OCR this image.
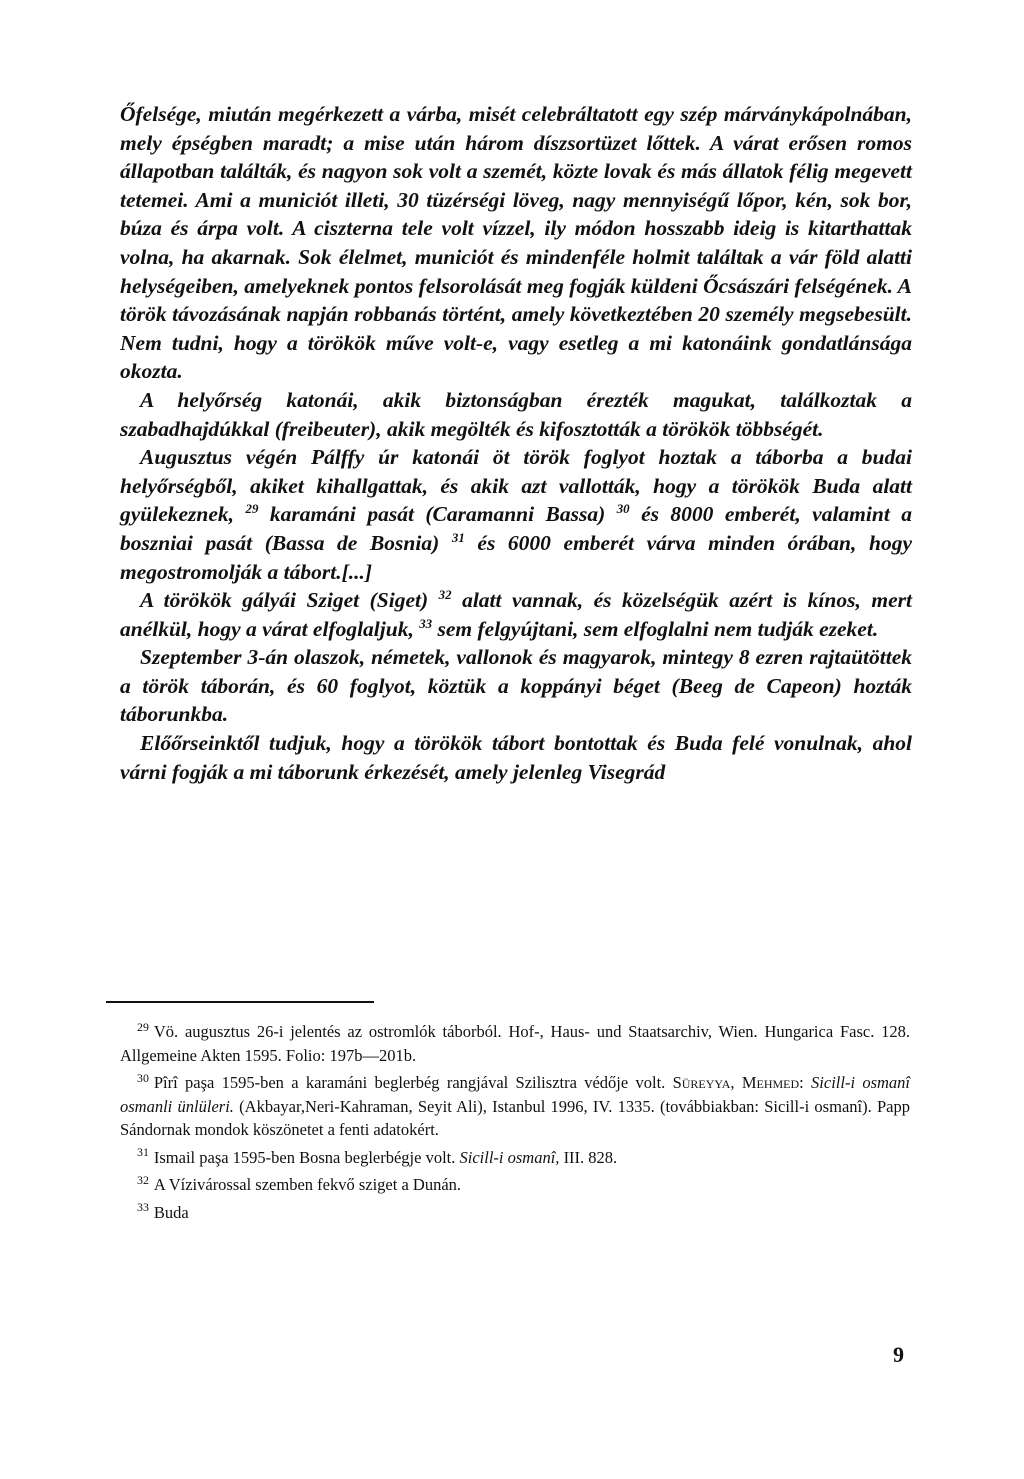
Őfelsége, miután megérkezett a várba, misét celebráltatott egy szép márványkápolnában, mely épségben maradt; a mise után három díszsortüzet lőttek. A várat erősen romos állapotban találták, és nagyon sok volt a szemét, közte lovak és más állatok félig megevett tetemei. Ami a municiót illeti, 30 tüzérségi löveg, nagy mennyiségű lőpor, kén, sok bor, búza és árpa volt. A ciszterna tele volt vízzel, ily módon hosszabb ideig is kitarthattak volna, ha akarnak. Sok élelmet, municiót és mindenféle holmit találtak a vár föld alatti helységeiben, amelyeknek pontos felsorolását meg fogják küldeni Őcsászári felségének. A török távozásának napján robbanás történt, amely következtében 20 személy megsebesült. Nem tudni, hogy a törökök műve volt-e, vagy esetleg a mi katonáink gondatlánsága okozta.

A helyőrség katonái, akik biztonságban érezték magukat, találkoztak a szabadhajdúkkal (freibeuter), akik megölték és kifosztották a törökök többségét.

Augusztus végén Pálffy úr katonái öt török foglyot hoztak a táborba a budai helyőrségből, akiket kihallgattak, és akik azt vallották, hogy a törökök Buda alatt gyülekeznek, $^{29}$ karamáni pasát (Caramanni Bassa) $^{30}$ és 8000 emberét, valamint a boszniai pasát (Bassa de Bosnia) $^{31}$ és 6000 emberét várva minden órában, hogy megostromolják a tábort.[...]

A törökök gályái Sziget (Siget) $^{32}$ alatt vannak, és közelségük azért is kínos, mert anélkül, hogy a várat elfoglaljuk, $^{33}$ sem felgyújtani, sem elfoglalni nem tudják ezeket.

Szeptember 3-án olaszok, németek, vallonok és magyarok, mintegy 8 ezren rajtaütöttek a török táborán, és 60 foglyot, köztük a koppányi béget (Beeg de Capeon) hozták táborunkba.

Előőrseinktől tudjuk, hogy a törökök tábort bontottak és Buda felé vonulnak, ahol várni fogják a mi táborunk érkezését, amely jelenleg Visegrád

$^{29}$ Vö. augusztus 26-i jelentés az ostromlók táborból. Hof-, Haus- und Staatsarchiv, Wien. Hungarica Fasc. 128. Allgemeine Akten 1595. Folio: 197b—201b.

$^{30}$ Pîrî paşa 1595-ben a karamáni beglerbég rangjával Szilisztra védője volt. Süreyya, Mehmed: Sicill-i osmanî osmanli ünlüleri. (Akbayar,Neri-Kahraman, Seyit Ali), Istanbul 1996, IV. 1335. (továbbiakban: Sicill-i osmanî). Papp Sándornak mondok köszönetet a fenti adatokért.

$^{31}$ Ismail paşa 1595-ben Bosna beglerbégje volt. Sicill-i osmanî, III. 828.

$^{32}$ A Vízivárossal szemben fekvő sziget a Dunán.

$^{33}$ Buda

9
